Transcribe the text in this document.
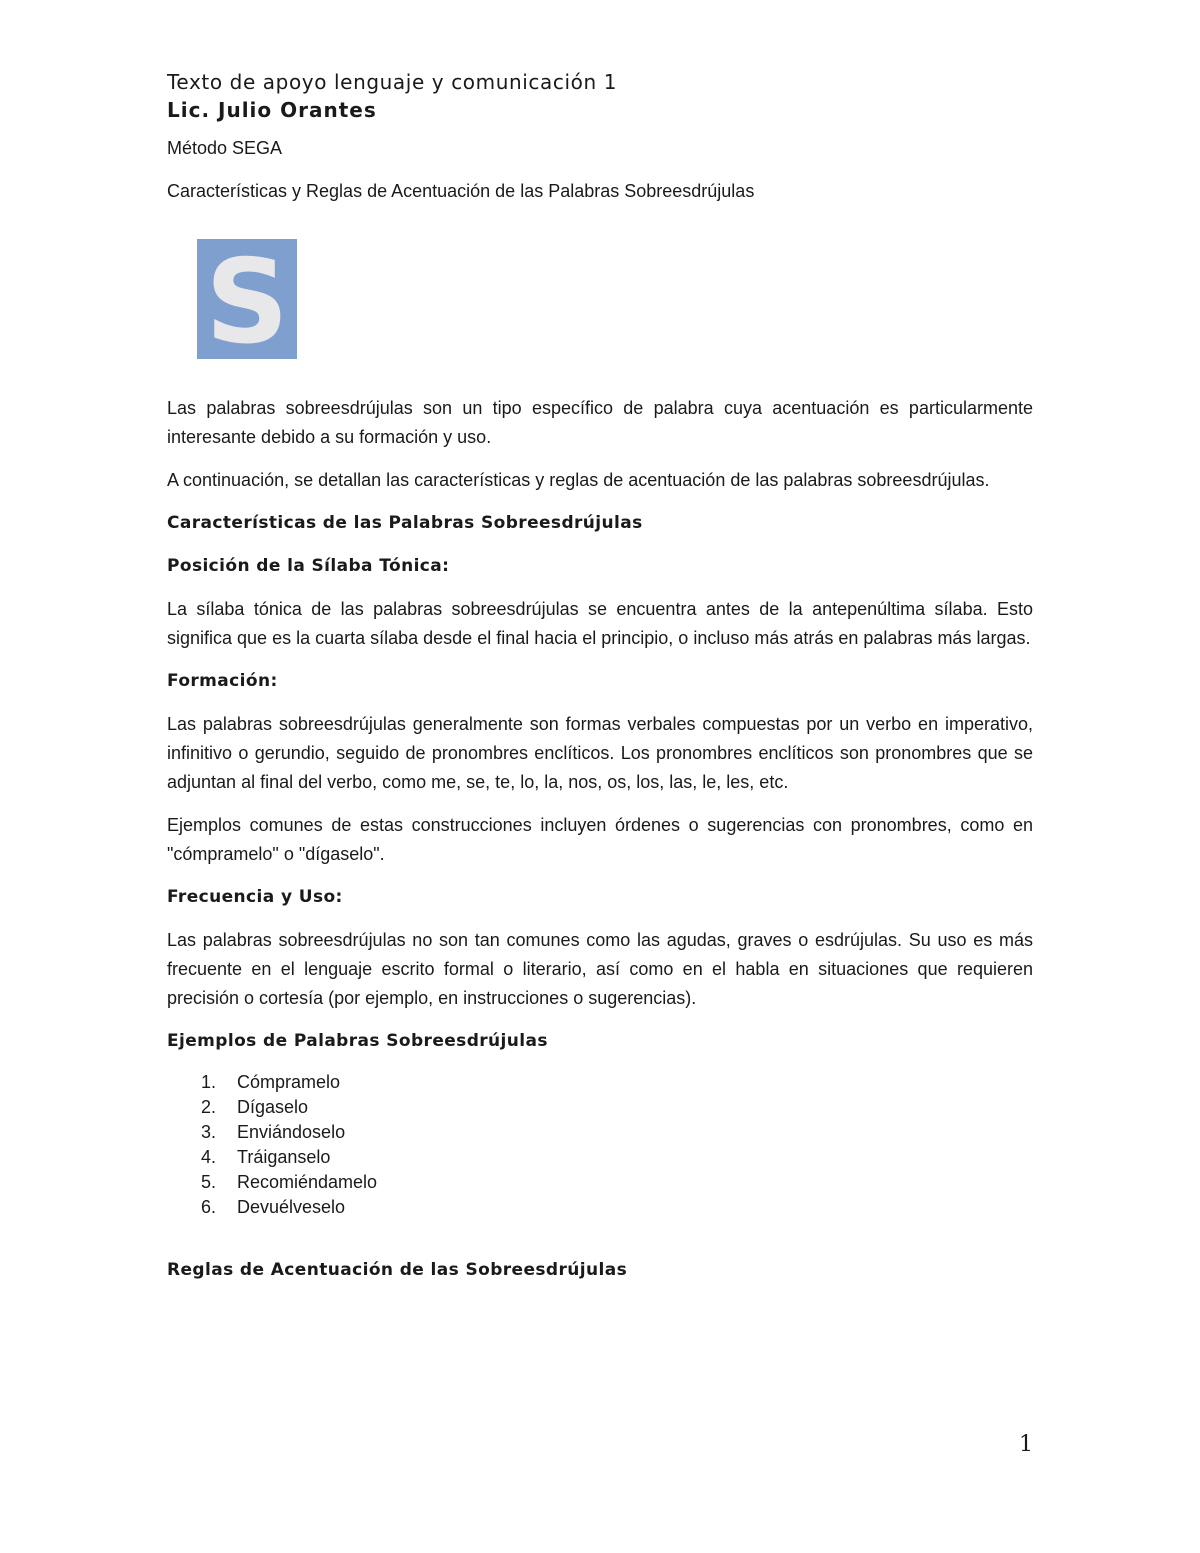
Texto de apoyo lenguaje y comunicación 1

Lic. Julio Orantes

Método SEGA

Características y Reglas de Acentuación de las Palabras Sobreesdrújulas

S

Las palabras sobreesdrújulas son un tipo específico de palabra cuya acentuación es particularmente interesante debido a su formación y uso.

A continuación, se detallan las características y reglas de acentuación de las palabras sobreesdrújulas.

Características de las Palabras Sobreesdrújulas

Posición de la Sílaba Tónica:

La sílaba tónica de las palabras sobreesdrújulas se encuentra antes de la antepenúltima sílaba. Esto significa que es la cuarta sílaba desde el final hacia el principio, o incluso más atrás en palabras más largas.

Formación:

Las palabras sobreesdrújulas generalmente son formas verbales compuestas por un verbo en imperativo, infinitivo o gerundio, seguido de pronombres enclíticos. Los pronombres enclíticos son pronombres que se adjuntan al final del verbo, como me, se, te, lo, la, nos, os, los, las, le, les, etc.

Ejemplos comunes de estas construcciones incluyen órdenes o sugerencias con pronombres, como en "cómpramelo" o "dígaselo".

Frecuencia y Uso:

Las palabras sobreesdrújulas no son tan comunes como las agudas, graves o esdrújulas. Su uso es más frecuente en el lenguaje escrito formal o literario, así como en el habla en situaciones que requieren precisión o cortesía (por ejemplo, en instrucciones o sugerencias).

Ejemplos de Palabras Sobreesdrújulas

1.	Cómpramelo
2.	Dígaselo
3.	Enviándoselo
4.	Tráiganselo
5.	Recomiéndamelo
6.	Devuélveselo

Reglas de Acentuación de las Sobreesdrújulas

1
